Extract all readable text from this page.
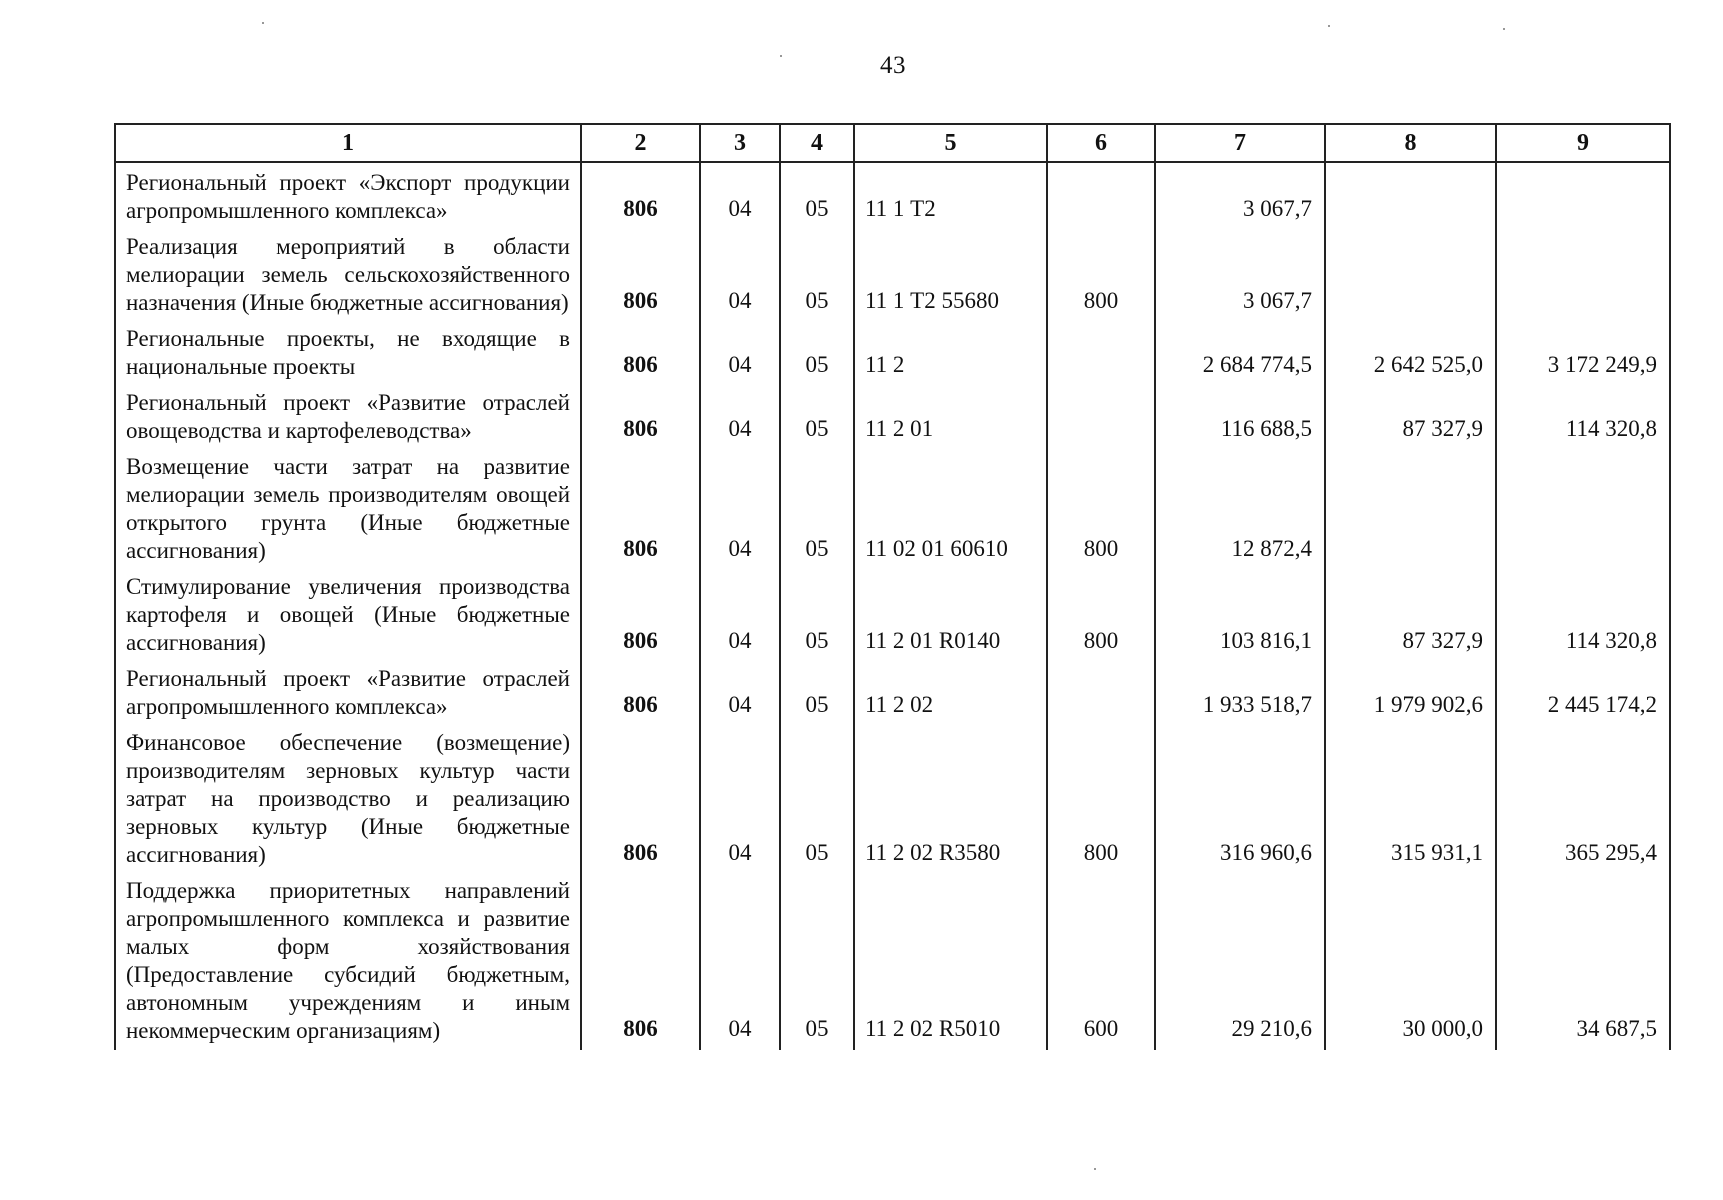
43
1	2	3	4	5	6	7	8	9
Региональный проект «Экспорт продукции агропромышленного комплекса»	806	04	05	11 1 Т2		3 067,7		
Реализация мероприятий в области мелиорации земель сельскохозяйственного назначения (Иные бюджетные ассигнования)	806	04	05	11 1 Т2 55680	800	3 067,7		
Региональные проекты, не входящие в национальные проекты	806	04	05	11 2		2 684 774,5	2 642 525,0	3 172 249,9
Региональный проект «Развитие отраслей овощеводства и картофелеводства»	806	04	05	11 2 01		116 688,5	87 327,9	114 320,8
Возмещение части затрат на развитие мелиорации земель производителям овощей открытого грунта (Иные бюджетные ассигнования)	806	04	05	11 02 01 60610	800	12 872,4		
Стимулирование увеличения производства картофеля и овощей (Иные бюджетные ассигнования)	806	04	05	11 2 01 R0140	800	103 816,1	87 327,9	114 320,8
Региональный проект «Развитие отраслей агропромышленного комплекса»	806	04	05	11 2 02		1 933 518,7	1 979 902,6	2 445 174,2
Финансовое обеспечение (возмещение) производителям зерновых культур части затрат на производство и реализацию зерновых культур (Иные бюджетные ассигнования)	806	04	05	11 2 02 R3580	800	316 960,6	315 931,1	365 295,4
Поддержка приоритетных направлений агропромышленного комплекса и развитие малых форм хозяйствования (Предоставление субсидий бюджетным, автономным учреждениям и иным некоммерческим организациям)	806	04	05	11 2 02 R5010	600	29 210,6	30 000,0	34 687,5
